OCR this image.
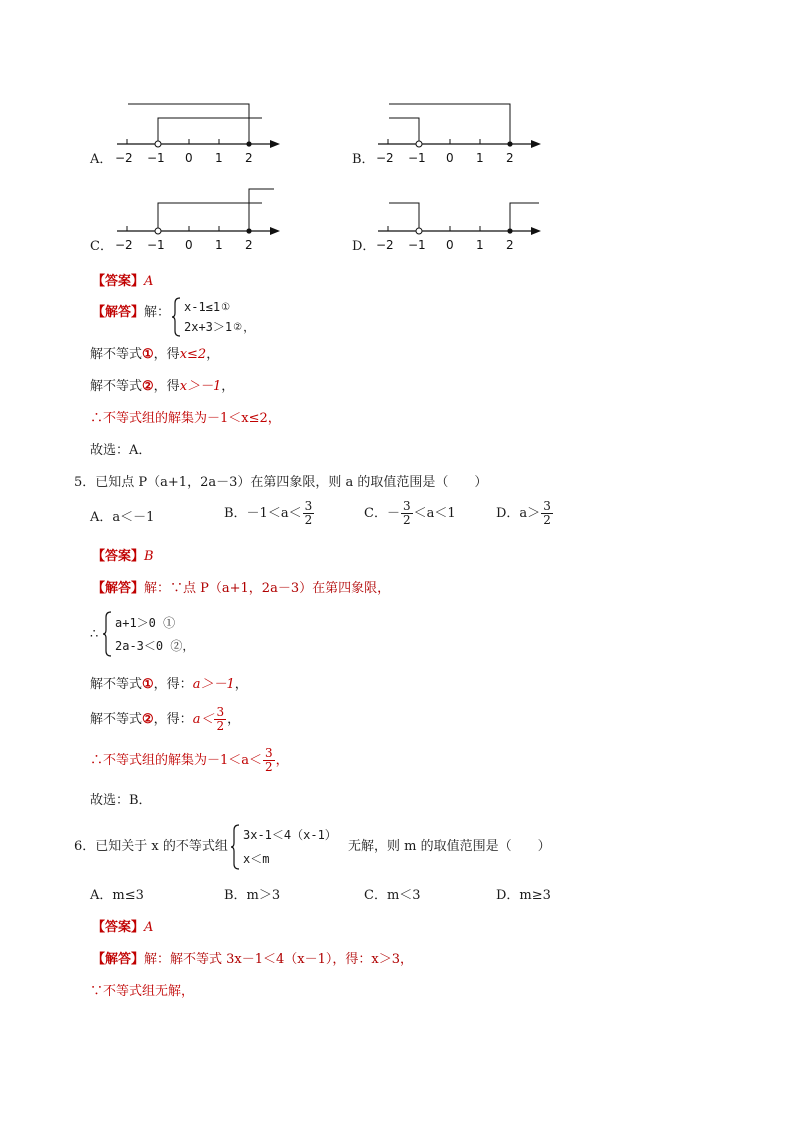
A． −2 −1 0 1 2	B． −2 −1 0 1 2
C． −2 −1 0 1 2	D． −2 −1 0 1 2
【答案】A
【解答】解： x-1≤1①
2x+3＞1②，
解不等式①，得x≤2，
解不等式②，得x＞－1，
∴不等式组的解集为－1＜x≤2，
故选：A．
5．已知点 P（a+1，2a－3）在第四象限，则 a 的取值范围是（　　）
A．a＜－1	B．$-1<a< \frac{3}{2}$	C．－ $\frac{3}{2} <a<1$	D．$a> \frac{3}{2}$
【答案】B
【解答】解：∵点 P（a+1，2a－3）在第四象限，
∴
a+1＞0  ①
2a-3＜0 ②，
解不等式①，得：a＞－1，
解不等式②，得：$a< \frac{3}{2}$ ，
∴不等式组的解集为$-1<a< \frac{3}{2}$ ，
故选：B．
6．已知关于 x 的不等式组
3x-1＜4（x-1）
x＜m
无解，则 m 的取值范围是（　　）
A．m≤3	B．m＞3	C．m＜3	D．m≥3
【答案】A
【解答】解：解不等式 3x－1＜4（x－1），得：x＞3，
∵不等式组无解，
